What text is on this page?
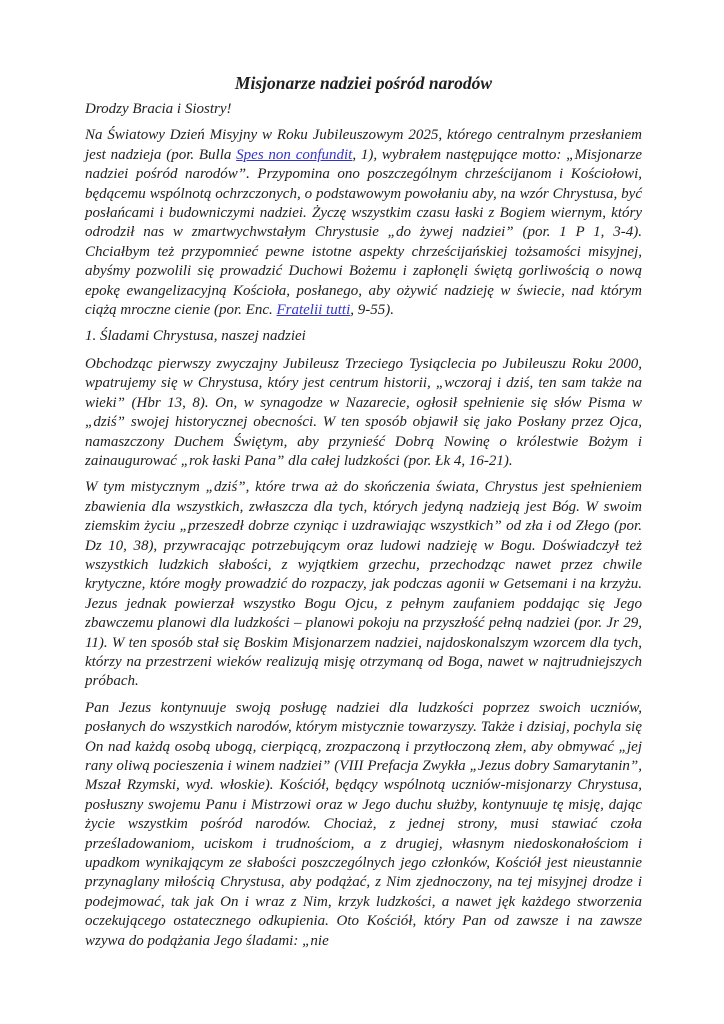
Misjonarze nadziei pośród narodów

Drodzy Bracia i Siostry!

Na Światowy Dzień Misyjny w Roku Jubileuszowym 2025, którego centralnym przesłaniem jest nadzieja (por. Bulla Spes non confundit, 1), wybrałem następujące motto: „Misjonarze nadziei pośród narodów”. Przypomina ono poszczególnym chrześcijanom i Kościołowi, będącemu wspólnotą ochrzczonych, o podstawowym powołaniu aby, na wzór Chrystusa, być posłańcami i budowniczymi nadziei. Życzę wszystkim czasu łaski z Bogiem wiernym, który odrodził nas w zmartwychwstałym Chrystusie „do żywej nadziei” (por. 1 P 1, 3-4). Chciałbym też przypomnieć pewne istotne aspekty chrześcijańskiej tożsamości misyjnej, abyśmy pozwolili się prowadzić Duchowi Bożemu i zapłonęli świętą gorliwością o nową epokę ewangelizacyjną Kościoła, posłanego, aby ożywić nadzieję w świecie, nad którym ciążą mroczne cienie (por. Enc. Fratelii tutti, 9-55).

1. Śladami Chrystusa, naszej nadziei

Obchodząc pierwszy zwyczajny Jubileusz Trzeciego Tysiąclecia po Jubileuszu Roku 2000, wpatrujemy się w Chrystusa, który jest centrum historii, „wczoraj i dziś, ten sam także na wieki” (Hbr 13, 8). On, w synagodze w Nazarecie, ogłosił spełnienie się słów Pisma w „dziś” swojej historycznej obecności. W ten sposób objawił się jako Posłany przez Ojca, namaszczony Duchem Świętym, aby przynieść Dobrą Nowinę o królestwie Bożym i zainaugurować „rok łaski Pana” dla całej ludzkości (por. Łk 4, 16-21).

W tym mistycznym „dziś”, które trwa aż do skończenia świata, Chrystus jest spełnieniem zbawienia dla wszystkich, zwłaszcza dla tych, których jedyną nadzieją jest Bóg. W swoim ziemskim życiu „przeszedł dobrze czyniąc i uzdrawiając wszystkich” od zła i od Złego (por. Dz 10, 38), przywracając potrzebującym oraz ludowi nadzieję w Bogu. Doświadczył też wszystkich ludzkich słabości, z wyjątkiem grzechu, przechodząc nawet przez chwile krytyczne, które mogły prowadzić do rozpaczy, jak podczas agonii w Getsemani i na krzyżu. Jezus jednak powierzał wszystko Bogu Ojcu, z pełnym zaufaniem poddając się Jego zbawczemu planowi dla ludzkości – planowi pokoju na przyszłość pełną nadziei (por. Jr 29, 11). W ten sposób stał się Boskim Misjonarzem nadziei, najdoskonalszym wzorcem dla tych, którzy na przestrzeni wieków realizują misję otrzymaną od Boga, nawet w najtrudniejszych próbach.

Pan Jezus kontynuuje swoją posługę nadziei dla ludzkości poprzez swoich uczniów, posłanych do wszystkich narodów, którym mistycznie towarzyszy. Także i dzisiaj, pochyla się On nad każdą osobą ubogą, cierpiącą, zrozpaczoną i przytłoczoną złem, aby obmywać „jej rany oliwą pocieszenia i winem nadziei” (VIII Prefacja Zwykła „Jezus dobry Samarytanin”, Mszał Rzymski, wyd. włoskie). Kościół, będący wspólnotą uczniów-misjonarzy Chrystusa, posłuszny swojemu Panu i Mistrzowi oraz w Jego duchu służby, kontynuuje tę misję, dając życie wszystkim pośród narodów. Chociaż, z jednej strony, musi stawiać czoła prześladowaniom, uciskom i trudnościom, a z drugiej, własnym niedoskonałościom i upadkom wynikającym ze słabości poszczególnych jego członków, Kościół jest nieustannie przynaglany miłością Chrystusa, aby podążać, z Nim zjednoczony, na tej misyjnej drodze i podejmować, tak jak On i wraz z Nim, krzyk ludzkości, a nawet jęk każdego stworzenia oczekującego ostatecznego odkupienia. Oto Kościół, który Pan od zawsze i na zawsze wzywa do podążania Jego śladami: „nie
